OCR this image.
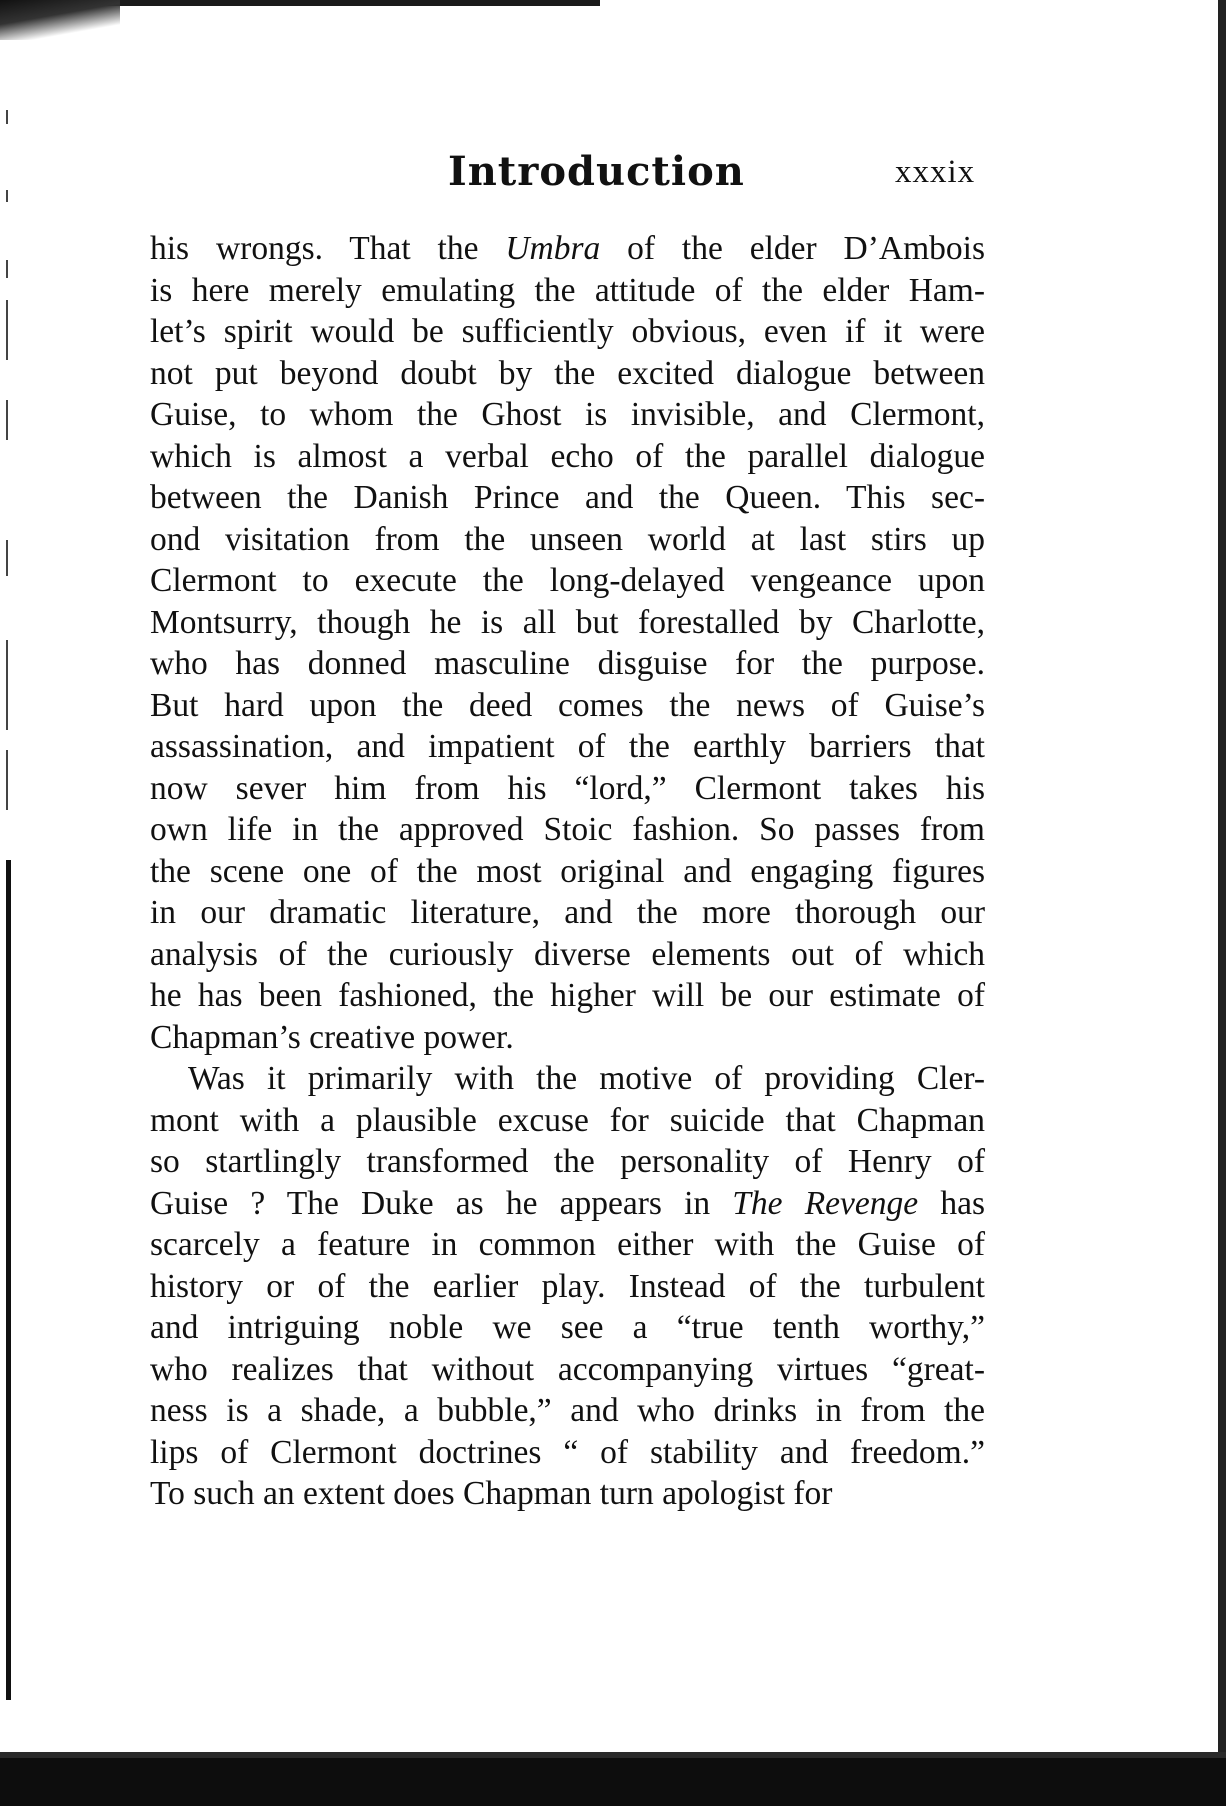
Introduction	xxxix
his wrongs. That the Umbra of the elder D’Ambois
is here merely emulating the attitude of the elder Ham-
let’s spirit would be sufficiently obvious, even if it were
not put beyond doubt by the excited dialogue between
Guise, to whom the Ghost is invisible, and Clermont,
which is almost a verbal echo of the parallel dialogue
between the Danish Prince and the Queen. This sec-
ond visitation from the unseen world at last stirs up
Clermont to execute the long-delayed vengeance upon
Montsurry, though he is all but forestalled by Charlotte,
who has donned masculine disguise for the purpose.
But hard upon the deed comes the news of Guise’s
assassination, and impatient of the earthly barriers that
now sever him from his “lord,” Clermont takes his
own life in the approved Stoic fashion. So passes from
the scene one of the most original and engaging figures
in our dramatic literature, and the more thorough our
analysis of the curiously diverse elements out of which
he has been fashioned, the higher will be our estimate of
Chapman’s creative power.
Was it primarily with the motive of providing Cler-
mont with a plausible excuse for suicide that Chapman
so startlingly transformed the personality of Henry of
Guise ? The Duke as he appears in The Revenge has
scarcely a feature in common either with the Guise of
history or of the earlier play. Instead of the turbulent
and intriguing noble we see a “true tenth worthy,”
who realizes that without accompanying virtues “great-
ness is a shade, a bubble,” and who drinks in from the
lips of Clermont doctrines “ of stability and freedom.”
To such an extent does Chapman turn apologist for
